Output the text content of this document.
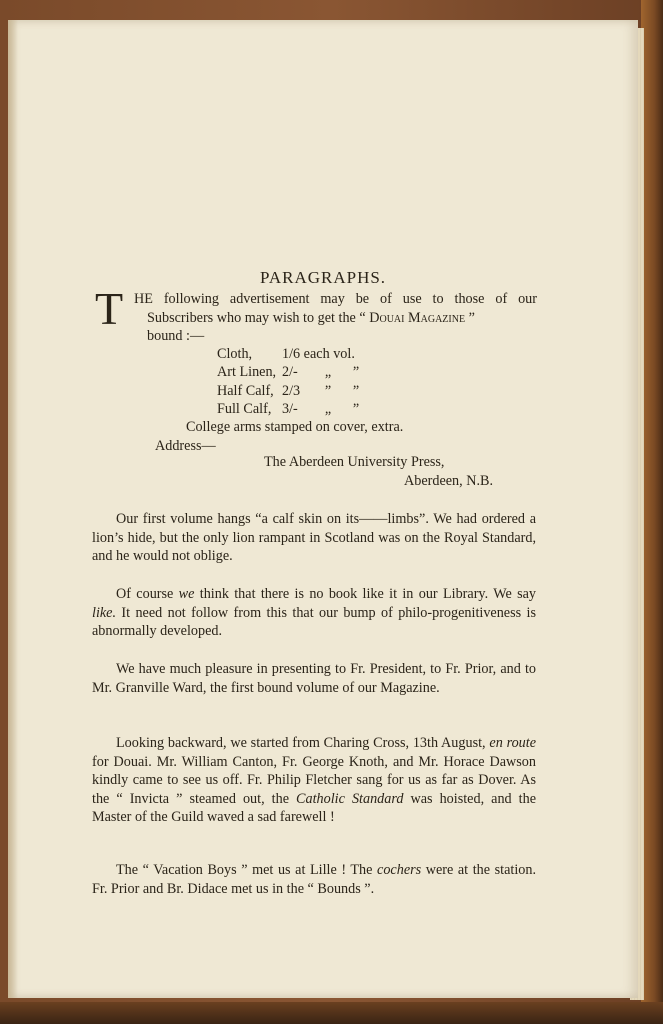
PARAGRAPHS.
T HE following advertisement may be of use to those of our
Subscribers who may wish to get the “ Douai Magazine ”
bound :—
Cloth, 1/6 each vol.
Art Linen, 2/- „ ”
Half Calf, 2/3 ” ”
Full Calf, 3/- „ ”
College arms stamped on cover, extra.
Address—
The Aberdeen University Press,
Aberdeen, N.B.
Our first volume hangs “a calf skin on its——limbs”. We had ordered a lion’s hide, but the only lion rampant in Scotland was on the Royal Standard, and he would not oblige.
Of course we think that there is no book like it in our Library. We say like. It need not follow from this that our bump of philo-progenitiveness is abnormally developed.
We have much pleasure in presenting to Fr. President, to Fr. Prior, and to Mr. Granville Ward, the first bound volume of our Magazine.
Looking backward, we started from Charing Cross, 13th August, en route for Douai. Mr. William Canton, Fr. George Knoth, and Mr. Horace Dawson kindly came to see us off. Fr. Philip Fletcher sang for us as far as Dover. As the “ Invicta ” steamed out, the Catholic Standard was hoisted, and the Master of the Guild waved a sad farewell !
The “ Vacation Boys ” met us at Lille ! The cochers were at the station. Fr. Prior and Br. Didace met us in the “ Bounds ”.
